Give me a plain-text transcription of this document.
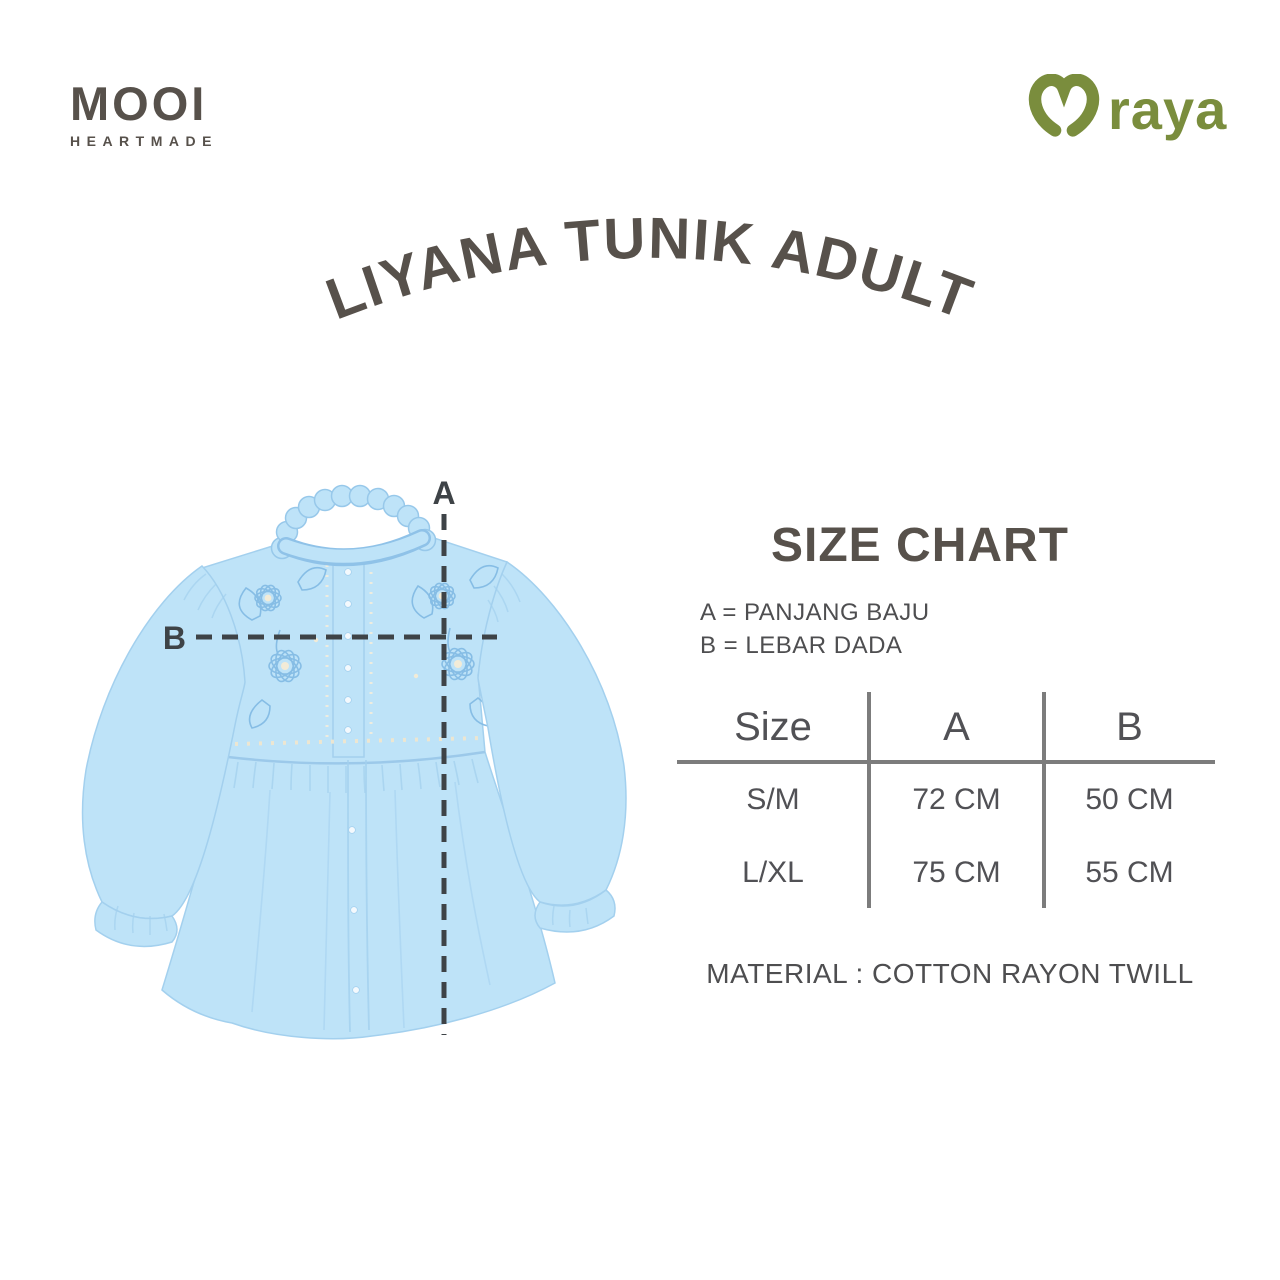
MOOI
HEARTMADE
raya
LIYANA TUNIK ADULT
A
B
SIZE CHART
A = PANJANG BAJU
B = LEBAR DADA
Size	A	B
S/M	72 CM	50 CM
L/XL	75 CM	55 CM
MATERIAL : COTTON RAYON TWILL
